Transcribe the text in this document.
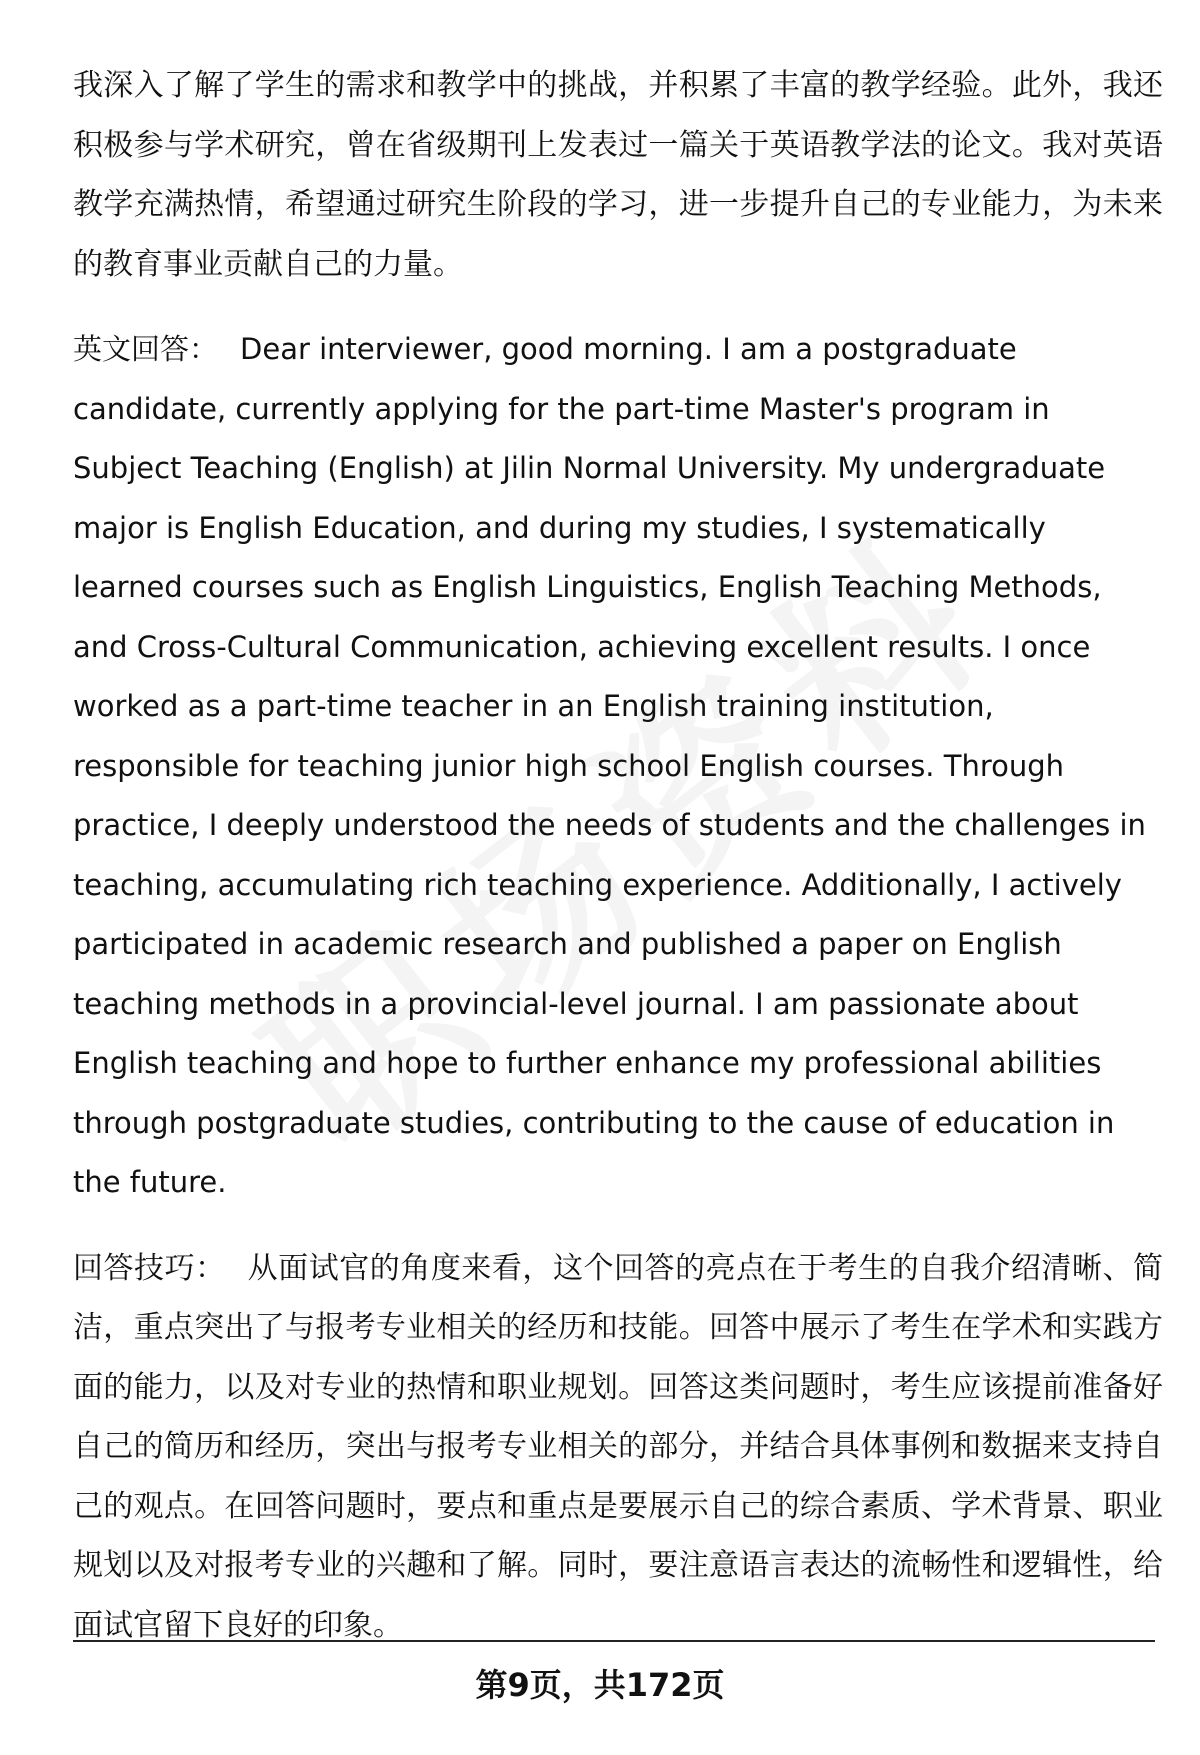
我深入了解了学生的需求和教学中的挑战，并积累了丰富的教学经验。此外，我还积极参与学术研究，曾在省级期刊上发表过一篇关于英语教学法的论文。我对英语教学充满热情，希望通过研究生阶段的学习，进一步提升自己的专业能力，为未来的教育事业贡献自己的力量。

英文回答： Dear interviewer, good morning. I am a postgraduate candidate, currently applying for the part-time Master's program in Subject Teaching (English) at Jilin Normal University. My undergraduate major is English Education, and during my studies, I systematically learned courses such as English Linguistics, English Teaching Methods, and Cross-Cultural Communication, achieving excellent results. I once worked as a part-time teacher in an English training institution, responsible for teaching junior high school English courses. Through practice, I deeply understood the needs of students and the challenges in teaching, accumulating rich teaching experience. Additionally, I actively participated in academic research and published a paper on English teaching methods in a provincial-level journal. I am passionate about English teaching and hope to further enhance my professional abilities through postgraduate studies, contributing to the cause of education in the future.

回答技巧： 从面试官的角度来看，这个回答的亮点在于考生的自我介绍清晰、简洁，重点突出了与报考专业相关的经历和技能。回答中展示了考生在学术和实践方面的能力，以及对专业的热情和职业规划。回答这类问题时，考生应该提前准备好自己的简历和经历，突出与报考专业相关的部分，并结合具体事例和数据来支持自己的观点。在回答问题时，要点和重点是要展示自己的综合素质、学术背景、职业规划以及对报考专业的兴趣和了解。同时，要注意语言表达的流畅性和逻辑性，给面试官留下良好的印象。

第9页，共172页
